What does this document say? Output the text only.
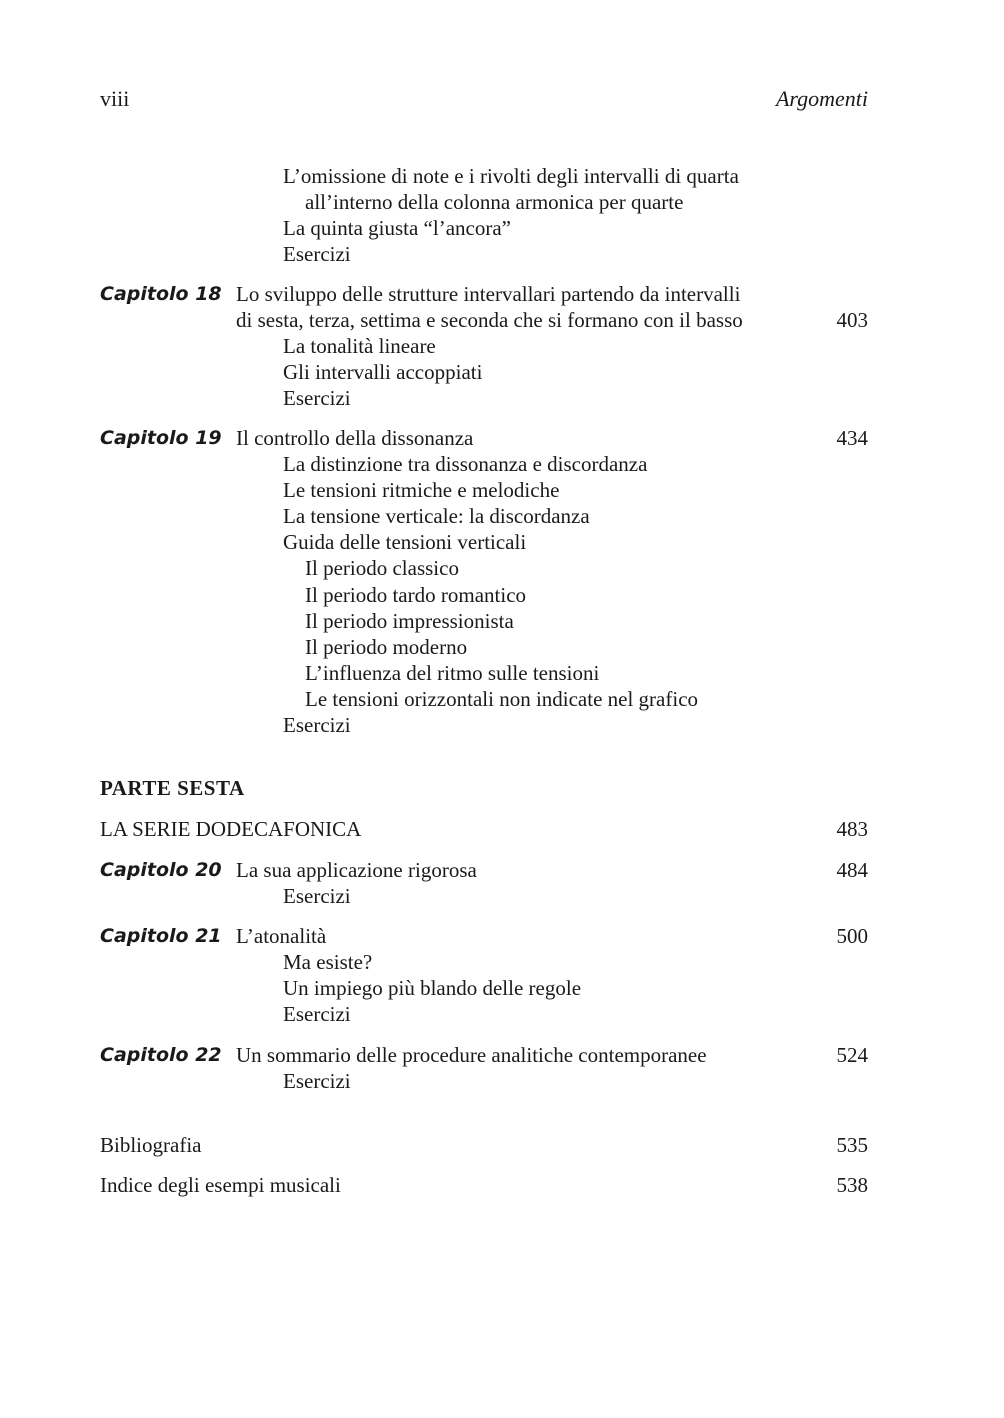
viii	Argomenti
L’omissione di note e i rivolti degli intervalli di quarta
all’interno della colonna armonica per quarte
La quinta giusta “l’ancora”
Esercizi
Capitolo 18 Lo sviluppo delle strutture intervallari partendo da intervalli
di sesta, terza, settima e seconda che si formano con il basso	403
La tonalità lineare
Gli intervalli accoppiati
Esercizi
Capitolo 19 Il controllo della dissonanza	434
La distinzione tra dissonanza e discordanza
Le tensioni ritmiche e melodiche
La tensione verticale: la discordanza
Guida delle tensioni verticali
Il periodo classico
Il periodo tardo romantico
Il periodo impressionista
Il periodo moderno
L’influenza del ritmo sulle tensioni
Le tensioni orizzontali non indicate nel grafico
Esercizi
PARTE SESTA
LA SERIE DODECAFONICA	483
Capitolo 20 La sua applicazione rigorosa	484
Esercizi
Capitolo 21 L’atonalità	500
Ma esiste?
Un impiego più blando delle regole
Esercizi
Capitolo 22 Un sommario delle procedure analitiche contemporanee	524
Esercizi
Bibliografia	535
Indice degli esempi musicali	538
